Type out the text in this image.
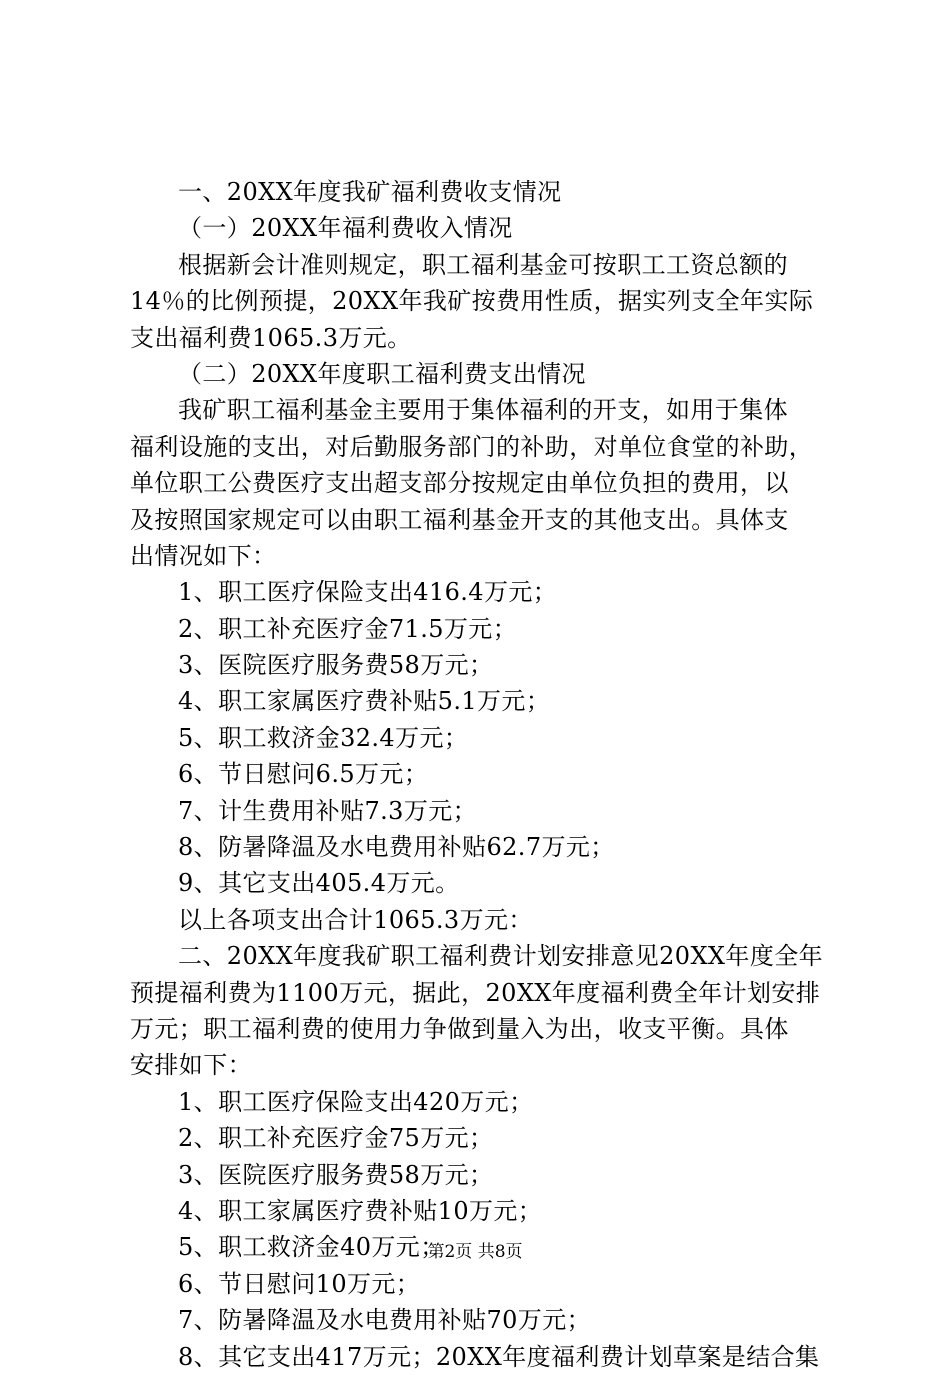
一、20XX年度我矿福利费收支情况
（一）20XX年福利费收入情况
根据新会计准则规定，职工福利基金可按职工工资总额的
14％的比例预提，20XX年我矿按费用性质，据实列支全年实际
支出福利费1065.3万元。
（二）20XX年度职工福利费支出情况
我矿职工福利基金主要用于集体福利的开支，如用于集体
福利设施的支出，对后勤服务部门的补助，对单位食堂的补助，
单位职工公费医疗支出超支部分按规定由单位负担的费用，以
及按照国家规定可以由职工福利基金开支的其他支出。具体支
出情况如下：
1、职工医疗保险支出416.4万元；
2、职工补充医疗金71.5万元；
3、医院医疗服务费58万元；
4、职工家属医疗费补贴5.1万元；
5、职工救济金32.4万元；
6、节日慰问6.5万元；
7、计生费用补贴7.3万元；
8、防暑降温及水电费用补贴62.7万元；
9、其它支出405.4万元。
以上各项支出合计1065.3万元：
二、20XX年度我矿职工福利费计划安排意见20XX年度全年
预提福利费为1100万元，据此，20XX年度福利费全年计划安排
万元；职工福利费的使用力争做到量入为出，收支平衡。具体
安排如下：
1、职工医疗保险支出420万元；
2、职工补充医疗金75万元；
3、医院医疗服务费58万元；
4、职工家属医疗费补贴10万元；
5、职工救济金40万元；
6、节日慰问10万元；
7、防暑降温及水电费用补贴70万元；
8、其它支出417万元；20XX年度福利费计划草案是结合集
第2页 共8页
